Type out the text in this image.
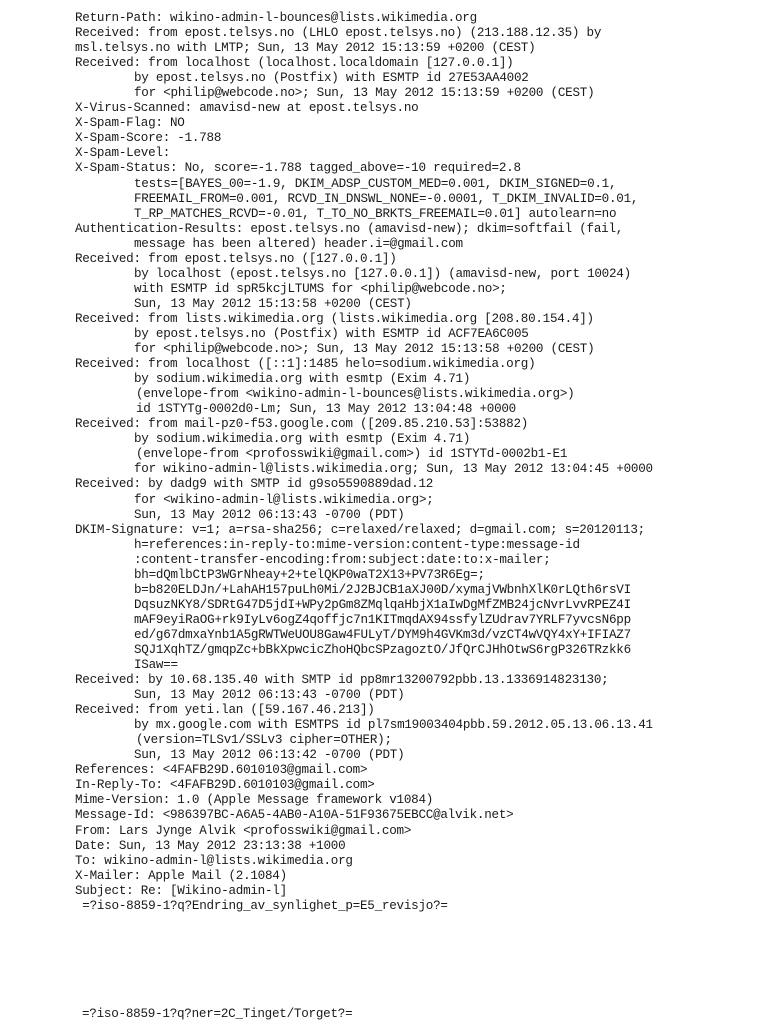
Return-Path: wikino-admin-l-bounces@lists.wikimedia.org
Received: from epost.telsys.no (LHLO epost.telsys.no) (213.188.12.35) by
msl.telsys.no with LMTP; Sun, 13 May 2012 15:13:59 +0200 (CEST)
Received: from localhost (localhost.localdomain [127.0.0.1])
by epost.telsys.no (Postfix) with ESMTP id 27E53AA4002
for <philip@webcode.no>; Sun, 13 May 2012 15:13:59 +0200 (CEST)
X-Virus-Scanned: amavisd-new at epost.telsys.no
X-Spam-Flag: NO
X-Spam-Score: -1.788
X-Spam-Level:
X-Spam-Status: No, score=-1.788 tagged_above=-10 required=2.8
tests=[BAYES_00=-1.9, DKIM_ADSP_CUSTOM_MED=0.001, DKIM_SIGNED=0.1,
FREEMAIL_FROM=0.001, RCVD_IN_DNSWL_NONE=-0.0001, T_DKIM_INVALID=0.01,
T_RP_MATCHES_RCVD=-0.01, T_TO_NO_BRKTS_FREEMAIL=0.01] autolearn=no
Authentication-Results: epost.telsys.no (amavisd-new); dkim=softfail (fail,
message has been altered) header.i=@gmail.com
Received: from epost.telsys.no ([127.0.0.1])
by localhost (epost.telsys.no [127.0.0.1]) (amavisd-new, port 10024)
with ESMTP id spR5kcjLTUMS for <philip@webcode.no>;
Sun, 13 May 2012 15:13:58 +0200 (CEST)
Received: from lists.wikimedia.org (lists.wikimedia.org [208.80.154.4])
by epost.telsys.no (Postfix) with ESMTP id ACF7EA6C005
for <philip@webcode.no>; Sun, 13 May 2012 15:13:58 +0200 (CEST)
Received: from localhost ([::1]:1485 helo=sodium.wikimedia.org)
by sodium.wikimedia.org with esmtp (Exim 4.71)
(envelope-from <wikino-admin-l-bounces@lists.wikimedia.org>)
id 1STYTg-0002d0-Lm; Sun, 13 May 2012 13:04:48 +0000
Received: from mail-pz0-f53.google.com ([209.85.210.53]:53882)
by sodium.wikimedia.org with esmtp (Exim 4.71)
(envelope-from <profosswiki@gmail.com>) id 1STYTd-0002b1-E1
for wikino-admin-l@lists.wikimedia.org; Sun, 13 May 2012 13:04:45 +0000
Received: by dadg9 with SMTP id g9so5590889dad.12
for <wikino-admin-l@lists.wikimedia.org>;
Sun, 13 May 2012 06:13:43 -0700 (PDT)
DKIM-Signature: v=1; a=rsa-sha256; c=relaxed/relaxed; d=gmail.com; s=20120113;
h=references:in-reply-to:mime-version:content-type:message-id
:content-transfer-encoding:from:subject:date:to:x-mailer;
bh=dQmlbCtP3WGrNheay+2+telQKP0waT2X13+PV73R6Eg=;
b=b820ELDJn/+LahAH157puLh0Mi/2J2BJCB1aXJ00D/xymajVWbnhXlK0rLQth6rsVI
DqsuzNKY8/SDRtG47D5jdI+WPy2pGm8ZMqlqaHbjX1aIwDgMfZMB24jcNvrLvvRPEZ4I
mAF9eyiRaOG+rk9IyLv6ogZ4qoffjc7n1KITmqdAX94ssfylZUdrav7YRLF7yvcsN6pp
ed/g67dmxaYnb1A5gRWTWeUOU8Gaw4FULyT/DYM9h4GVKm3d/vzCT4wVQY4xY+IFIAZ7
SQJ1XqhTZ/gmqpZc+bBkXpwcicZhoHQbcSPzagoztO/JfQrCJHhOtwS6rgP326TRzkk6
ISaw==
Received: by 10.68.135.40 with SMTP id pp8mr13200792pbb.13.1336914823130;
Sun, 13 May 2012 06:13:43 -0700 (PDT)
Received: from yeti.lan ([59.167.46.213])
by mx.google.com with ESMTPS id pl7sm19003404pbb.59.2012.05.13.06.13.41
(version=TLSv1/SSLv3 cipher=OTHER);
Sun, 13 May 2012 06:13:42 -0700 (PDT)
References: <4FAFB29D.6010103@gmail.com>
In-Reply-To: <4FAFB29D.6010103@gmail.com>
Mime-Version: 1.0 (Apple Message framework v1084)
Message-Id: <986397BC-A6A5-4AB0-A10A-51F93675EBCC@alvik.net>
From: Lars Jynge Alvik <profosswiki@gmail.com>
Date: Sun, 13 May 2012 23:13:38 +1000
To: wikino-admin-l@lists.wikimedia.org
X-Mailer: Apple Mail (2.1084)
Subject: Re: [Wikino-admin-l]
=?iso-8859-1?q?Endring_av_synlighet_p=E5_revisjo?=
=?iso-8859-1?q?ner=2C_Tinget/Torget?=
